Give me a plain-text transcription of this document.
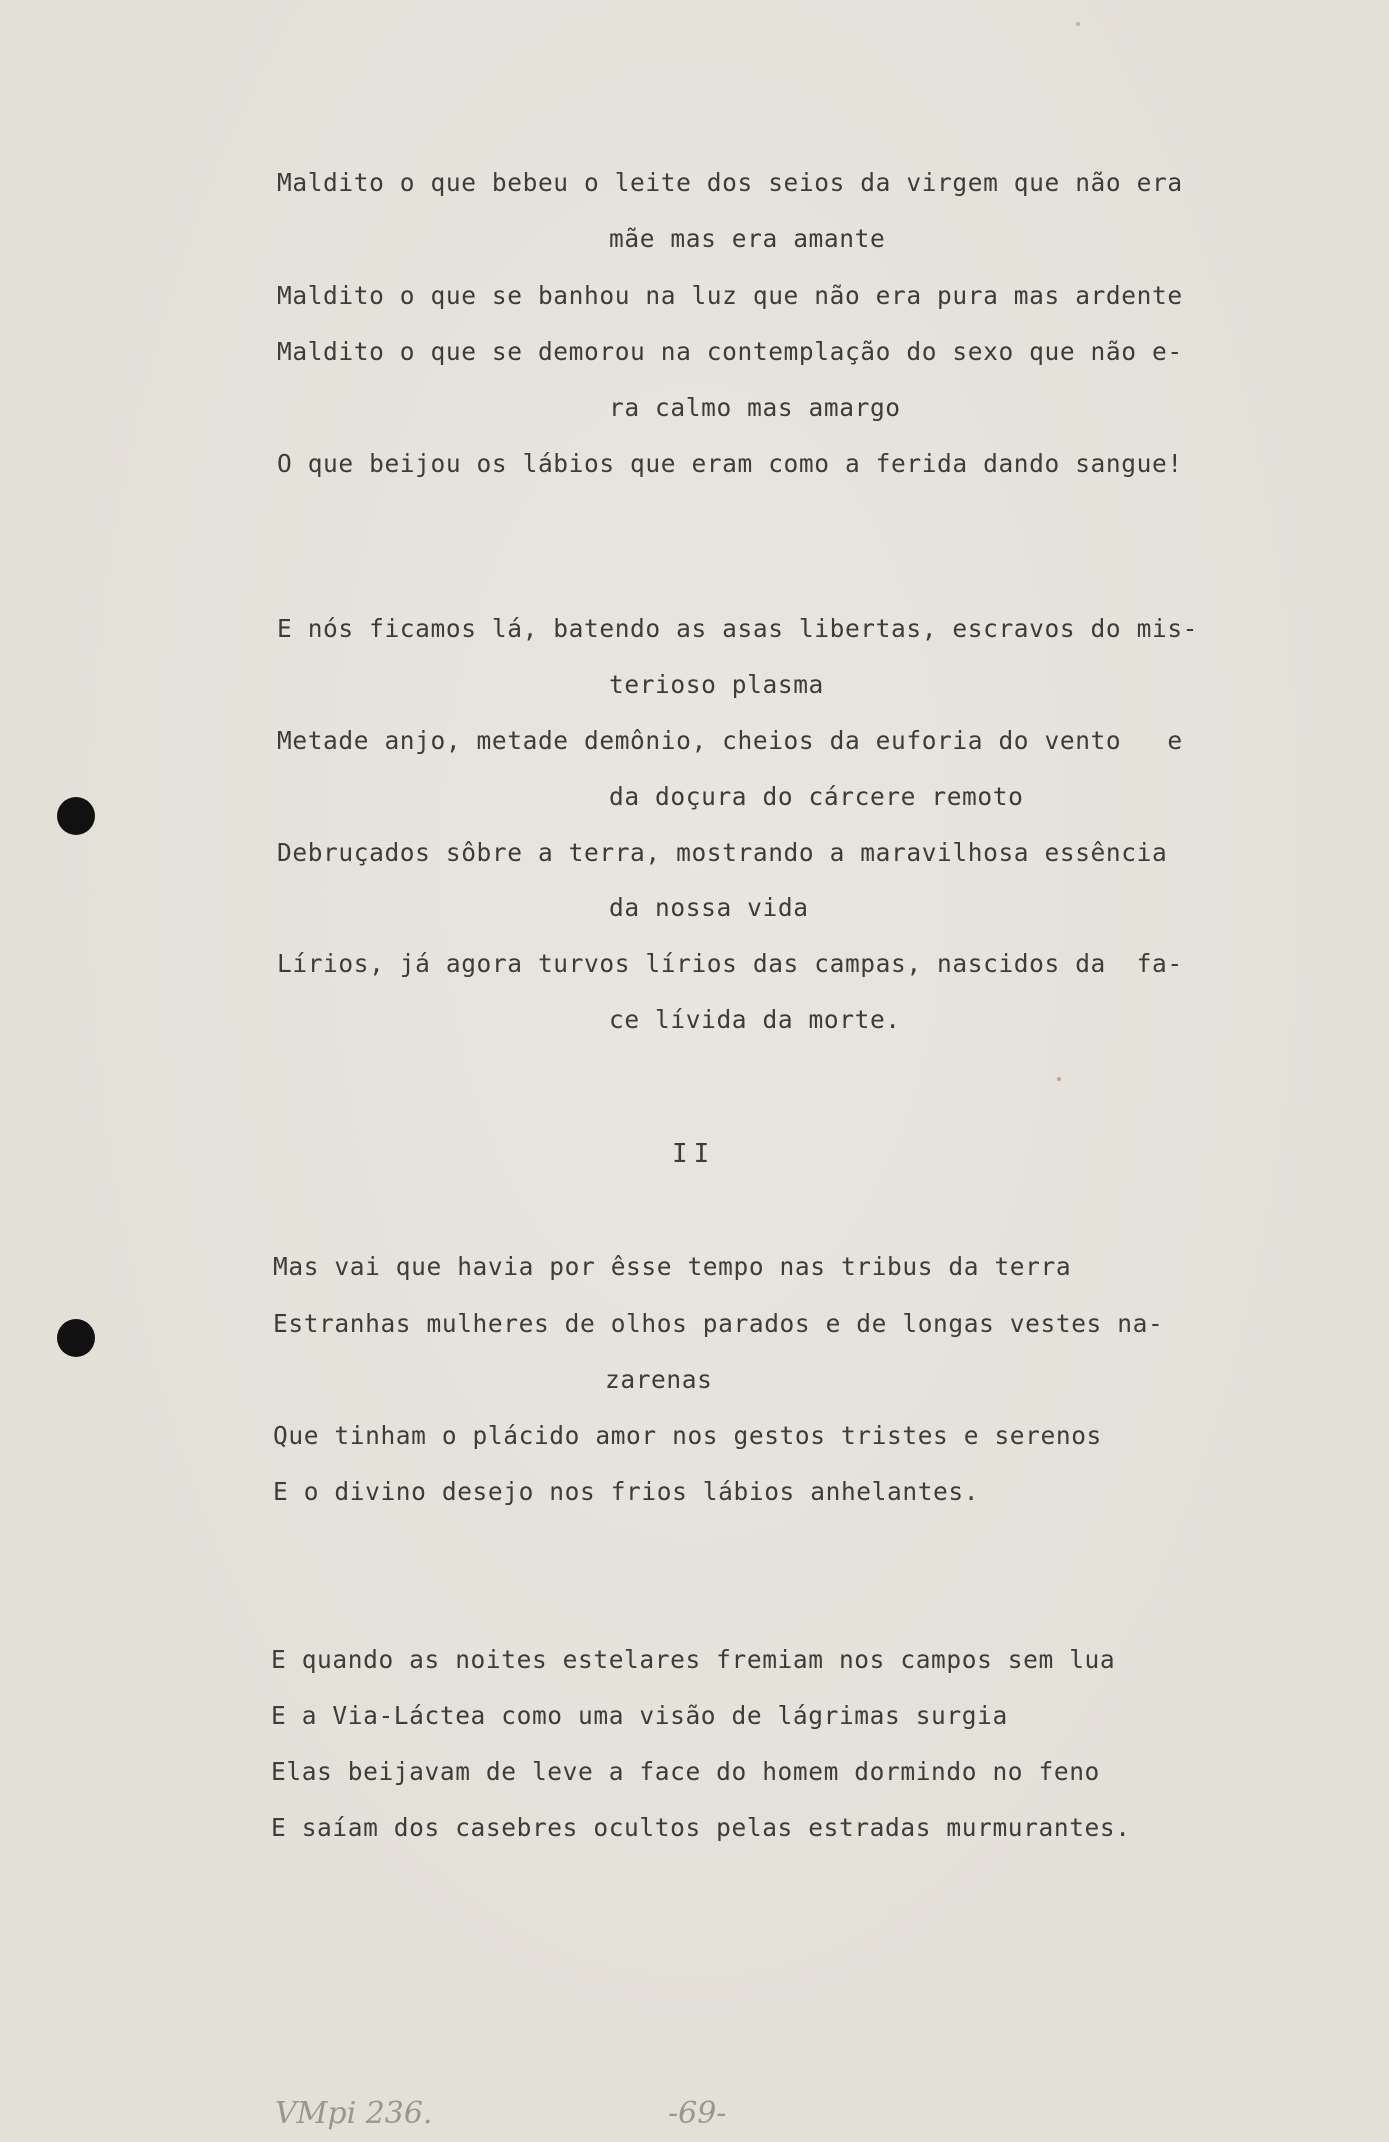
Maldito o que bebeu o leite dos seios da virgem que não era
mãe mas era amante
Maldito o que se banhou na luz que não era pura mas ardente
Maldito o que se demorou na contemplação do sexo que não e-
ra calmo mas amargo
O que beijou os lábios que eram como a ferida dando sangue!
E nós ficamos lá, batendo as asas libertas, escravos do mis-
terioso plasma
Metade anjo, metade demônio, cheios da euforia do vento   e
da doçura do cárcere remoto
Debruçados sôbre a terra, mostrando a maravilhosa essência
da nossa vida
Lírios, já agora turvos lírios das campas, nascidos da  fa-
ce lívida da morte.
II
Mas vai que havia por êsse tempo nas tribus da terra
Estranhas mulheres de olhos parados e de longas vestes na-
zarenas
Que tinham o plácido amor nos gestos tristes e serenos
E o divino desejo nos frios lábios anhelantes.
E quando as noites estelares fremiam nos campos sem lua
E a Via-Láctea como uma visão de lágrimas surgia
Elas beijavam de leve a face do homem dormindo no feno
E saíam dos casebres ocultos pelas estradas murmurantes.
VMpi 236.	-69-
